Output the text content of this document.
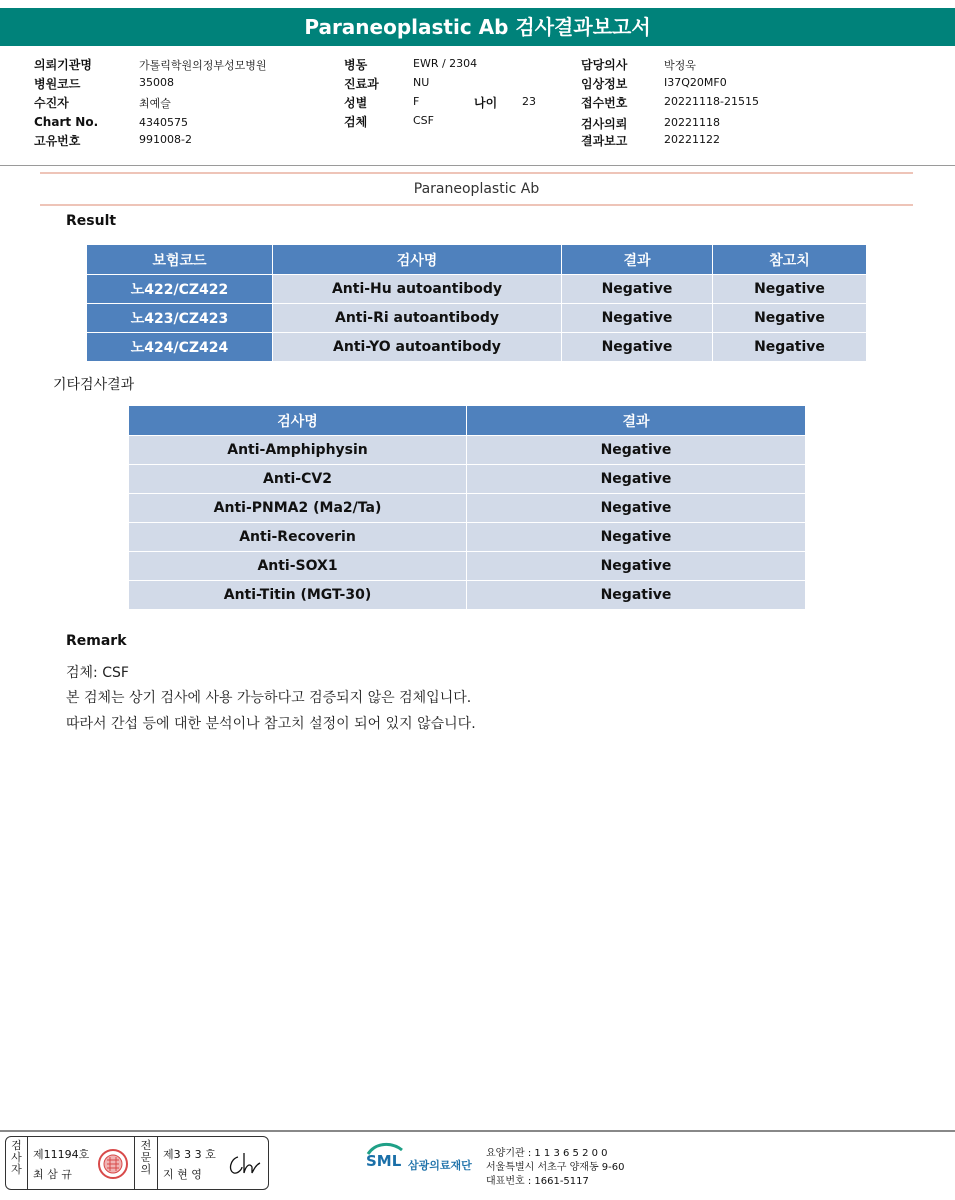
Paraneoplastic Ab 검사결과보고서
의뢰기관명	가톨릭학원의정부성모병원
병원코드	35008
수진자	최예슬
Chart No.	4340575
고유번호	991008-2
병동	EWR / 2304
진료과	NU
성별	F	나이 23
검체	CSF
담당의사	박정욱
임상정보	I37Q20MF0
접수번호	20221118-21515
검사의뢰	20221118
결과보고	20221122
Paraneoplastic Ab
Result
보험코드	검사명	결과	참고치
노422/CZ422	Anti-Hu autoantibody	Negative	Negative
노423/CZ423	Anti-Ri autoantibody	Negative	Negative
노424/CZ424	Anti-YO autoantibody	Negative	Negative
기타검사결과
검사명	결과
Anti-Amphiphysin	Negative
Anti-CV2	Negative
Anti-PNMA2 (Ma2/Ta)	Negative
Anti-Recoverin	Negative
Anti-SOX1	Negative
Anti-Titin (MGT-30)	Negative
Remark
검체: CSF
본 검체는 상기 검사에 사용 가능하다고 검증되지 않은 검체입니다.
따라서 간섭 등에 대한 분석이나 참고치 설정이 되어 있지 않습니다.
검사자
제11194호
최 삼 규
전문의
제3 3 3 호
지 현 영
SML 삼광의료재단
요양기관 : 1 1 3 6 5 2 0 0
서울특별시 서초구 양재동 9-60
대표번호 : 1661-5117
